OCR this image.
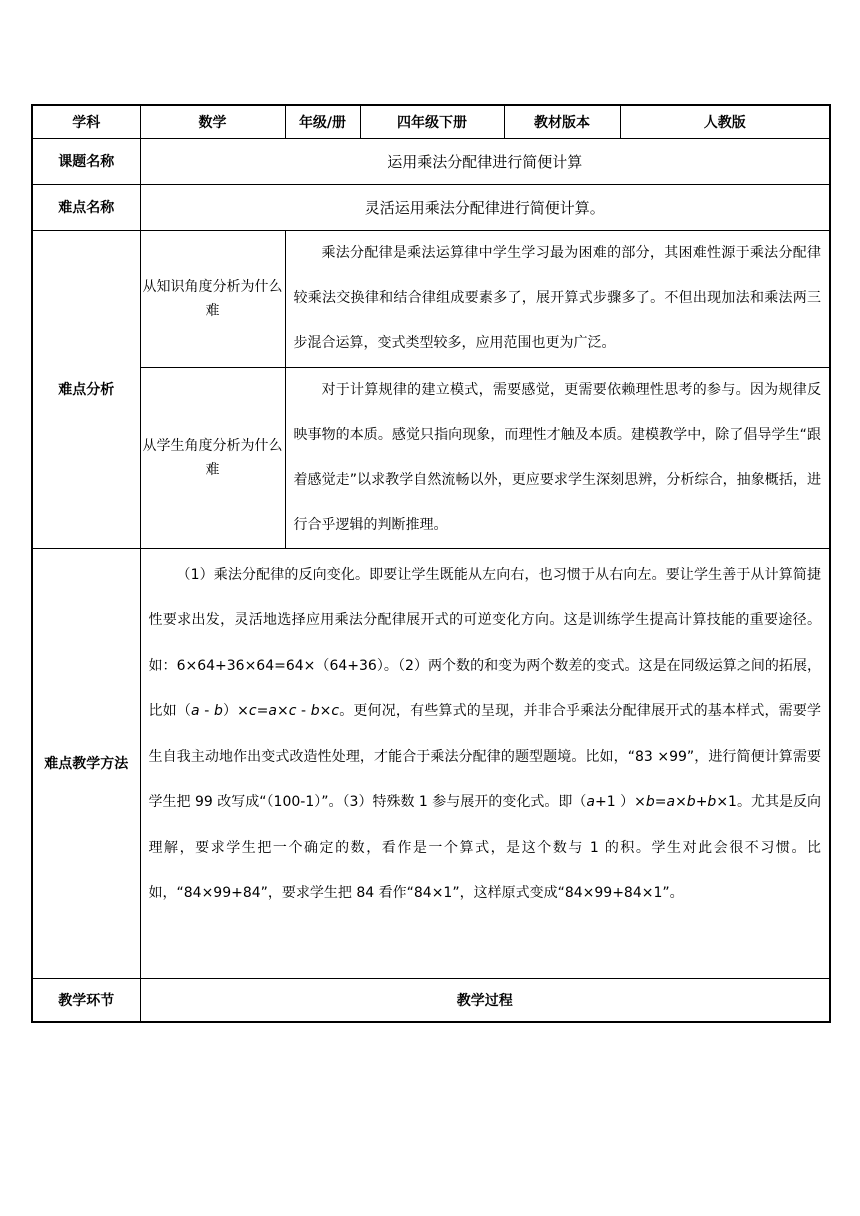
学科	数学	年级/册	四年级下册	教材版本	人教版
课题名称	运用乘法分配律进行简便计算				
难点名称	灵活运用乘法分配律进行简便计算。				
难点分析	从知识角度分析为什么难	乘法分配律是乘法运算律中学生学习最为困难的部分，其困难性源于乘法分配律较乘法交换律和结合律组成要素多了，展开算式步骤多了。不但出现加法和乘法两三步混合运算，变式类型较多，应用范围也更为广泛。			

	从学生角度分析为什么难	对于计算规律的建立模式，需要感觉，更需要依赖理性思考的参与。因为规律反映事物的本质。感觉只指向现象，而理性才触及本质。建模教学中，除了倡导学生“跟着感觉走”以求教学自然流畅以外，更应要求学生深刻思辨，分析综合，抽象概括，进行合乎逻辑的判断推理。			

难点教学方法	（1）乘法分配律的反向变化。即要让学生既能从左向右，也习惯于从右向左。要让学生善于从计算简捷性要求出发，灵活地选择应用乘法分配律展开式的可逆变化方向。这是训练学生提高计算技能的重要途径。如：6×64+36×64=64×（64+36）。（2）两个数的和变为两个数差的变式。这是在同级运算之间的拓展，比如（a - b）×c=a×c - b×c。更何况，有些算式的呈现，并非合乎乘法分配律展开式的基本样式，需要学生自我主动地作出变式改造性处理，才能合于乘法分配律的题型题境。比如，“83 ×99”，进行简便计算需要学生把 99 改写成“（100-1）”。（3）特殊数 1 参与展开的变化式。即（a+1 ）×b=a×b+b×1。尤其是反向理解，要求学生把一个确定的数，看作是一个算式，是这个数与 1 的积。学生对此会很不习惯。比如，“84×99+84”，要求学生把 84 看作“84×1”，这样原式变成“84×99+84×1”。				

教学环节	教学过程				
